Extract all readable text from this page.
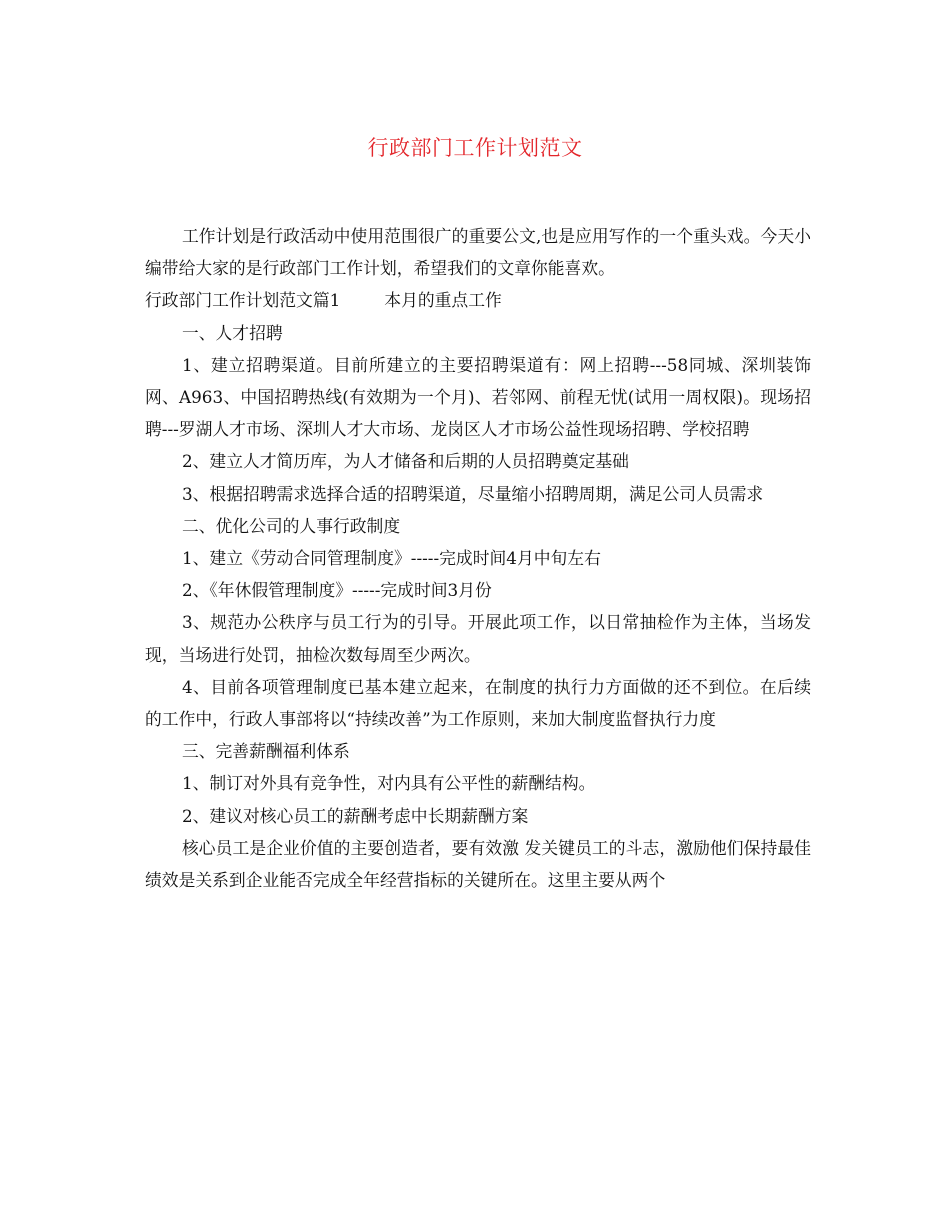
行政部门工作计划范文

工作计划是行政活动中使用范围很广的重要公文,也是应用写作的一个重头戏。今天小编带给大家的是行政部门工作计划，希望我们的文章你能喜欢。

行政部门工作计划范文篇1	本月的重点工作

一、人才招聘

1、建立招聘渠道。目前所建立的主要招聘渠道有：网上招聘---58同城、深圳装饰网、A963、中国招聘热线(有效期为一个月)、若邻网、前程无忧(试用一周权限)。现场招聘---罗湖人才市场、深圳人才大市场、龙岗区人才市场公益性现场招聘、学校招聘

2、建立人才简历库，为人才储备和后期的人员招聘奠定基础

3、根据招聘需求选择合适的招聘渠道，尽量缩小招聘周期，满足公司人员需求

二、优化公司的人事行政制度

1、建立《劳动合同管理制度》-----完成时间4月中旬左右

2、《年休假管理制度》-----完成时间3月份

3、规范办公秩序与员工行为的引导。开展此项工作，以日常抽检作为主体，当场发现，当场进行处罚，抽检次数每周至少两次。

4、目前各项管理制度已基本建立起来，在制度的执行力方面做的还不到位。在后续的工作中，行政人事部将以“持续改善”为工作原则，来加大制度监督执行力度

三、完善薪酬福利体系

1、制订对外具有竞争性，对内具有公平性的薪酬结构。

2、建议对核心员工的薪酬考虑中长期薪酬方案

核心员工是企业价值的主要创造者，要有效激 发关键员工的斗志，激励他们保持最佳绩效是关系到企业能否完成全年经营指标的关键所在。这里主要从两个
